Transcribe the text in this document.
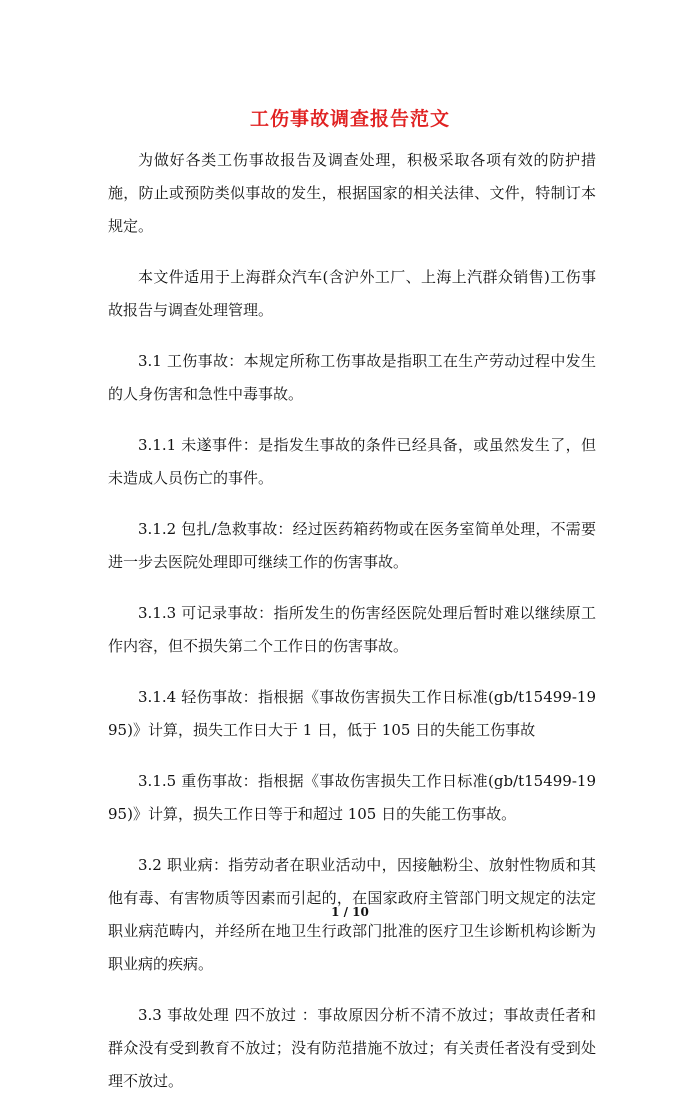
工伤事故调查报告范文

为做好各类工伤事故报告及调查处理，积极采取各项有效的防护措施，防止或预防类似事故的发生，根据国家的相关法律、文件，特制订本规定。

本文件适用于上海群众汽车(含沪外工厂、上海上汽群众销售)工伤事故报告与调查处理管理。

3.1 工伤事故：本规定所称工伤事故是指职工在生产劳动过程中发生的人身伤害和急性中毒事故。

3.1.1 未遂事件：是指发生事故的条件已经具备，或虽然发生了，但未造成人员伤亡的事件。

3.1.2 包扎/急救事故：经过医药箱药物或在医务室简单处理，不需要进一步去医院处理即可继续工作的伤害事故。

3.1.3 可记录事故：指所发生的伤害经医院处理后暂时难以继续原工作内容，但不损失第二个工作日的伤害事故。

3.1.4 轻伤事故：指根据《事故伤害损失工作日标准(gb/t15499-1995)》计算，损失工作日大于 1 日，低于 105 日的失能工伤事故

3.1.5 重伤事故：指根据《事故伤害损失工作日标准(gb/t15499-1995)》计算，损失工作日等于和超过 105 日的失能工伤事故。

3.2 职业病：指劳动者在职业活动中，因接触粉尘、放射性物质和其他有毒、有害物质等因素而引起的，在国家政府主管部门明文规定的法定职业病范畴内，并经所在地卫生行政部门批准的医疗卫生诊断机构诊断为职业病的疾病。

3.3 事故处理 四不放过 ：事故原因分析不清不放过；事故责任者和群众没有受到教育不放过；没有防范措施不放过；有关责任者没有受到处理不放过。

1 / 10
